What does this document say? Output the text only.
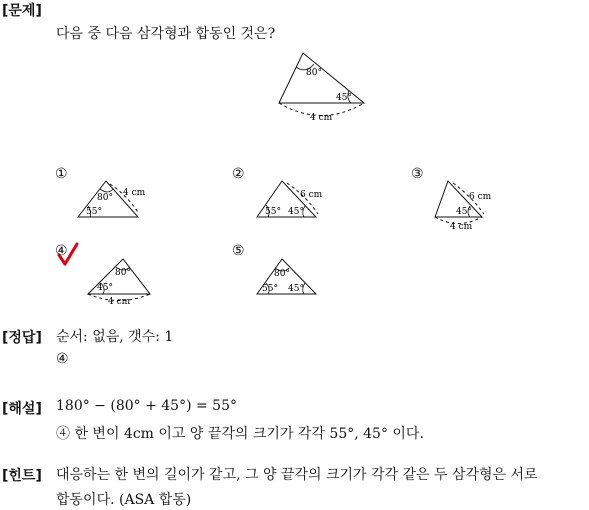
[문제]
다음 중 다음 삼각형과 합동인 것은?
80°
45°
4 cm
80°
55°
4 cm
55° 45°
6 cm
45°
6 cm
4 cm
80°
45°
4 cm
80°
55° 45°
①	②	③
④	⑤
[정답] 순서: 없음, 갯수: 1
④
[해설] 180° − (80° + 45°) = 55°
④ 한 변이 4cm 이고 양 끝각의 크기가 각각 55°, 45° 이다.
[힌트] 대응하는 한 변의 길이가 같고, 그 양 끝각의 크기가 각각 같은 두 삼각형은 서로
합동이다. (ASA 합동)
